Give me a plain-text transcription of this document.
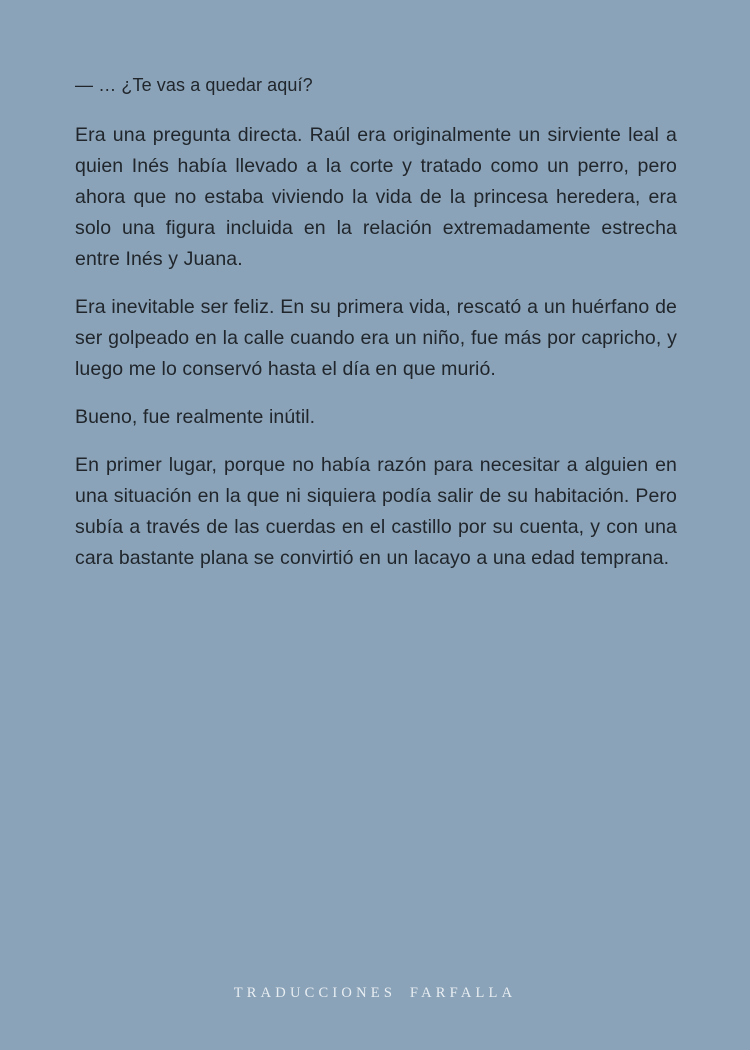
— … ¿Te vas a quedar aquí?

Era una pregunta directa. Raúl era originalmente un sirviente leal a quien Inés había llevado a la corte y tratado como un perro, pero ahora que no estaba viviendo la vida de la princesa heredera, era solo una figura incluida en la relación extremadamente estrecha entre Inés y Juana.

Era inevitable ser feliz. En su primera vida, rescató a un huérfano de ser golpeado en la calle cuando era un niño, fue más por capricho, y luego me lo conservó hasta el día en que murió.

Bueno, fue realmente inútil.

En primer lugar, porque no había razón para necesitar a alguien en una situación en la que ni siquiera podía salir de su habitación. Pero subía a través de las cuerdas en el castillo por su cuenta, y con una cara bastante plana se convirtió en un lacayo a una edad temprana.

TRADUCCIONES FARFALLA
